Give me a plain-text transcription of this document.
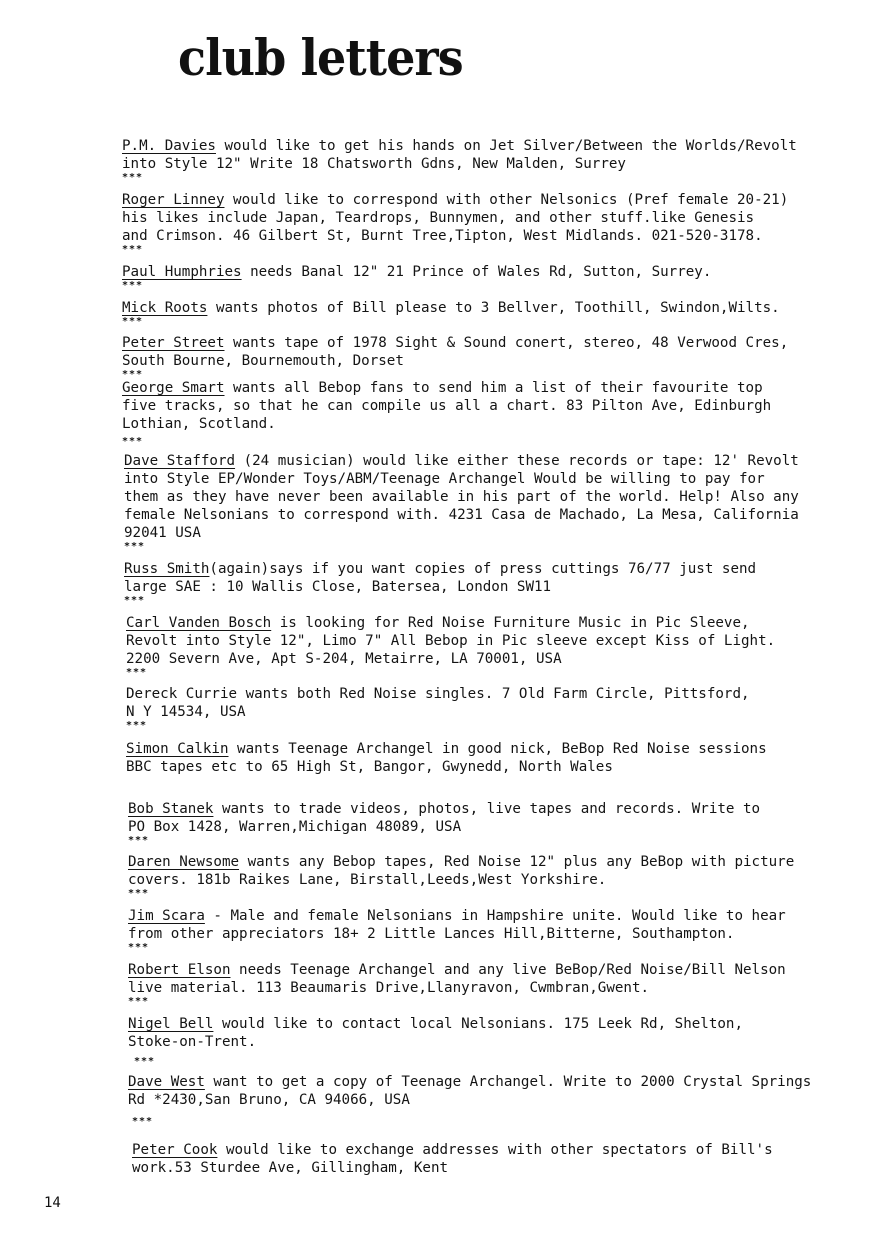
club letters

P.M. Davies would like to get his hands on Jet Silver/Between the Worlds/Revolt

into Style 12" Write 18 Chatsworth Gdns, New Malden, Surrey

***

Roger Linney would like to correspond with other Nelsonics (Pref female 20-21)

his likes include Japan, Teardrops, Bunnymen, and other stuff.like Genesis

and Crimson. 46 Gilbert St, Burnt Tree,Tipton, West Midlands. 021-520-3178.

***

Paul Humphries needs Banal 12" 21 Prince of Wales Rd, Sutton, Surrey.

***

Mick Roots wants photos of Bill please to 3 Bellver, Toothill, Swindon,Wilts.

***

Peter Street wants tape of 1978 Sight & Sound conert, stereo, 48 Verwood Cres,

South Bourne, Bournemouth, Dorset

***

George Smart wants all Bebop fans to send him a list of their favourite top

five tracks, so that he can compile us all a chart. 83 Pilton Ave, Edinburgh

Lothian, Scotland.

***

Dave Stafford (24 musician) would like either these records or tape: 12' Revolt

into Style EP/Wonder Toys/ABM/Teenage Archangel Would be willing to pay for

them as they have never been available in his part of the world. Help! Also any

female Nelsonians to correspond with. 4231 Casa de Machado, La Mesa, California

92041 USA

***

Russ Smith(again)says if you want copies of press cuttings 76/77 just send

large SAE : 10 Wallis Close, Batersea, London SW11

***

Carl Vanden Bosch is looking for Red Noise Furniture Music in Pic Sleeve,

Revolt into Style 12", Limo 7" All Bebop in Pic sleeve except Kiss of Light.

2200 Severn Ave, Apt S-204, Metairre, LA 70001, USA

***

Dereck Currie wants both Red Noise singles. 7 Old Farm Circle, Pittsford,

N Y 14534, USA

***

Simon Calkin wants Teenage Archangel in good nick, BeBop Red Noise sessions

BBC tapes etc to 65 High St, Bangor, Gwynedd, North Wales

Bob Stanek wants to trade videos, photos, live tapes and records. Write to

PO Box 1428, Warren,Michigan 48089, USA

***

Daren Newsome wants any Bebop tapes, Red Noise 12" plus any BeBop with picture

covers. 181b Raikes Lane, Birstall,Leeds,West Yorkshire.

***

Jim Scara - Male and female Nelsonians in Hampshire unite. Would like to hear

from other appreciators 18+ 2 Little Lances Hill,Bitterne, Southampton.

***

Robert Elson needs Teenage Archangel and any live BeBop/Red Noise/Bill Nelson

live material. 113 Beaumaris Drive,Llanyravon, Cwmbran,Gwent.

***

Nigel Bell would like to contact local Nelsonians. 175 Leek Rd, Shelton,

Stoke-on-Trent.

***

Dave West want to get a copy of Teenage Archangel. Write to 2000 Crystal Springs

Rd *2430,San Bruno, CA 94066, USA

***

Peter Cook would like to exchange addresses with other spectators of Bill's

work.53 Sturdee Ave, Gillingham, Kent

14
